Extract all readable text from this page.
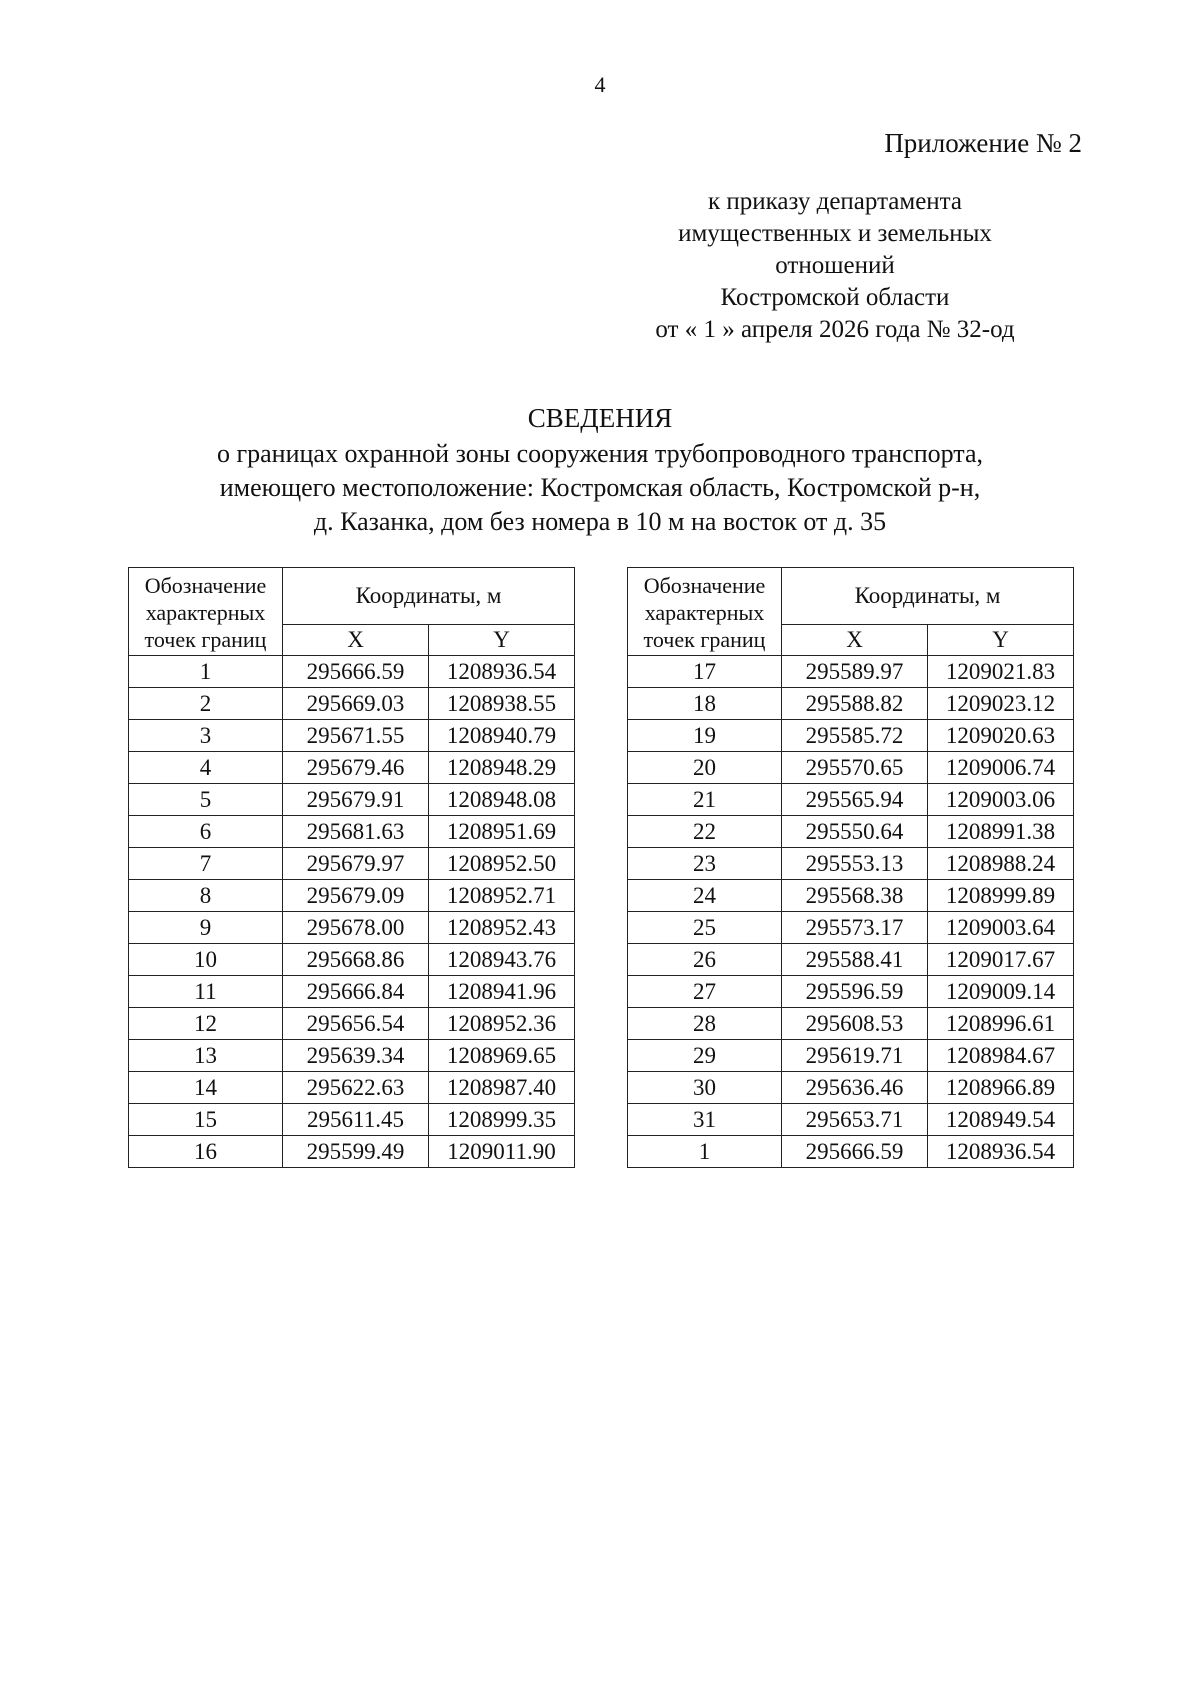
4
Приложение № 2
к приказу департамента
имущественных и земельных
отношений
Костромской области
от « 1 » апреля 2026 года № 32-од
СВЕДЕНИЯ
о границах охранной зоны сооружения трубопроводного транспорта,
имеющего местоположение: Костромская область, Костромской р-н,
д. Казанка, дом без номера в 10 м на восток от д. 35
Обозначение характерных точек границ	Координаты, м	
	X	Y
1	295666.59	1208936.54
2	295669.03	1208938.55
3	295671.55	1208940.79
4	295679.46	1208948.29
5	295679.91	1208948.08
6	295681.63	1208951.69
7	295679.97	1208952.50
8	295679.09	1208952.71
9	295678.00	1208952.43
10	295668.86	1208943.76
11	295666.84	1208941.96
12	295656.54	1208952.36
13	295639.34	1208969.65
14	295622.63	1208987.40
15	295611.45	1208999.35
16	295599.49	1209011.90
Обозначение характерных точек границ	Координаты, м	
	X	Y
17	295589.97	1209021.83
18	295588.82	1209023.12
19	295585.72	1209020.63
20	295570.65	1209006.74
21	295565.94	1209003.06
22	295550.64	1208991.38
23	295553.13	1208988.24
24	295568.38	1208999.89
25	295573.17	1209003.64
26	295588.41	1209017.67
27	295596.59	1209009.14
28	295608.53	1208996.61
29	295619.71	1208984.67
30	295636.46	1208966.89
31	295653.71	1208949.54
1	295666.59	1208936.54
